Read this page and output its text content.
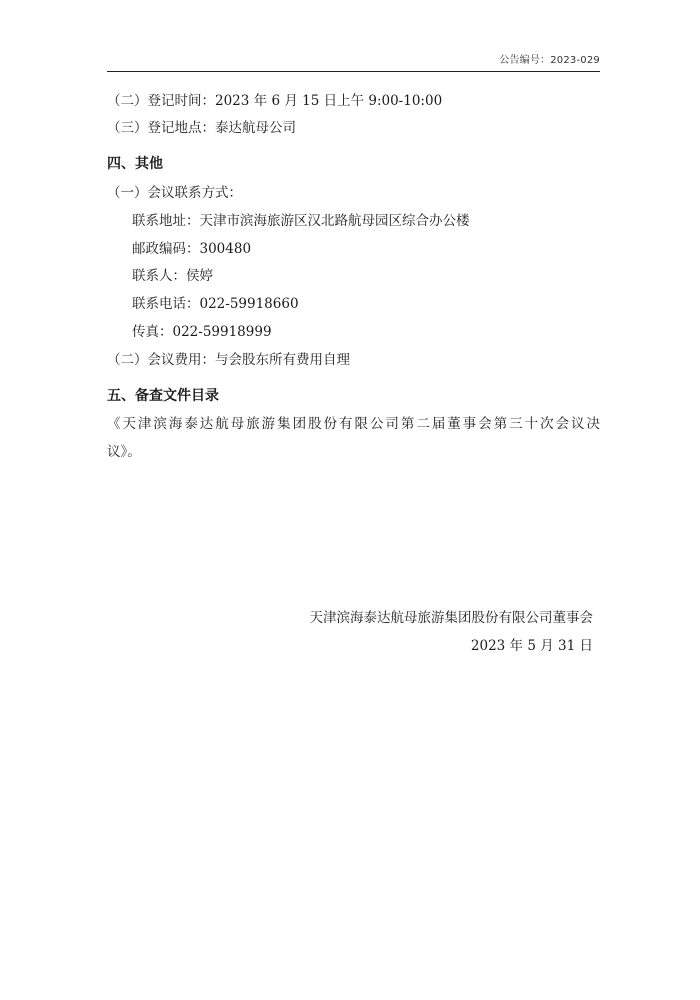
公告编号：2023-029
（二）登记时间：2023 年 6 月 15 日上午 9:00-10:00
（三）登记地点：泰达航母公司
四、其他
（一）会议联系方式：
联系地址：天津市滨海旅游区汉北路航母园区综合办公楼
邮政编码：300480
联系人：侯婷
联系电话：022-59918660
传真：022-59918999
（二）会议费用：与会股东所有费用自理
五、备查文件目录
《天津滨海泰达航母旅游集团股份有限公司第二届董事会第三十次会议决
议》。
天津滨海泰达航母旅游集团股份有限公司董事会
2023 年 5 月 31 日
